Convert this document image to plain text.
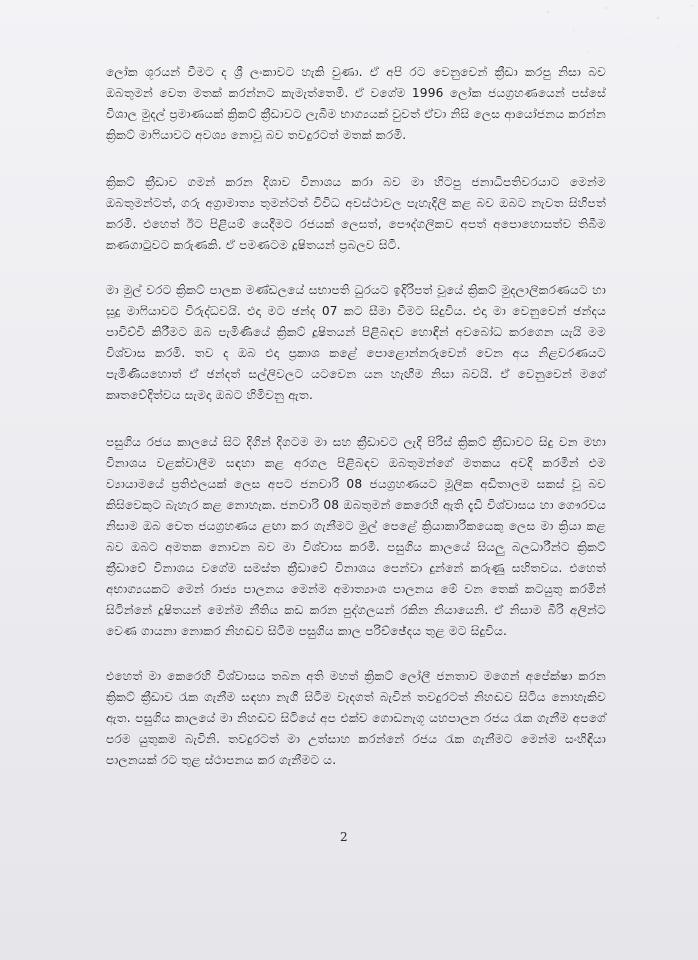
ලෝක ශූරයන් වීමට ද ශ්‍රී ලංකාවට හැකි වුණා. ඒ අපි රට වෙනුවෙන් ක්‍රීඩා කරපු නිසා බව ඔබතුමන් වෙත මතක් කරන්නට කැමැත්තෙමි. ඒ වගේම 1996 ලෝක ජයග්‍රහණයෙන් පස්සේ විශාල මුදල් ප්‍රමාණයක් ක්‍රිකට් ක්‍රීඩාවට ලැබීම භාග්‍යයක් වුවත් ඒවා නිසි ලෙස ආයෝජනය කරන්න ක්‍රිකට් මාෆියාවට අවශ්‍ය නොවූ බව තවදුරටත් මතක් කරමි.

ක්‍රිකට් ක්‍රීඩාව ගමන් කරන දිශාව විනාශය කරා බව මා හිටපු ජනාධිපතිවරයාට මෙන්ම ඔබතුමන්ටත්, ගරු අග්‍රාමාත්‍ය තුමන්ටත් විවිධ අවස්ථාවල පැහැදිලි කළ බව ඔබට නැවත සිහිපත් කරමි. එහෙත් ඊට පිළියම් යෙදීමට රජයක් ලෙසත්, පෞද්ගලිකව අපත් අපොහොසත්ව තිබීම කණගාටුවට කරුණකි. ඒ පමණටම දූෂිතයන් ප්‍රබලව සිටී.

මා මුල් වරට ක්‍රිකට් පාලක මණ්ඩලයේ සභාපති ධුරයට ඉදිරිපත් වූයේ ක්‍රිකට් මුදලාලිකරණයට හා සූදු මාෆියාවට විරුද්ධවයි. එදා මට ඡන්ද 07 කට සීමා වීමට සිදුවිය. එදා මා වෙනුවෙන් ඡන්දය පාවිච්චි කිරීමට ඔබ පැමිණියේ ක්‍රිකට් දූෂිතයන් පිළිබඳව හොඳින් අවබෝධ කරගෙන යැයි මම විශ්වාස කරමි. තව ද ඔබ එදා ප්‍රකාශ කළේ පොළොන්නරුවෙන් වෙන අය නිළවරණයට පැමිණියහොත් ඒ ඡන්දත් සල්ලිවලට යටවෙන යන හැඟීම නිසා බවයි. ඒ වෙනුවෙන් මගේ කෘතවේදිත්වය සැමදා ඔබට හිමිවනු ඇත.

පසුගිය රජය කාලයේ සිට දිගින් දිගටම මා සහ ක්‍රීඩාවට ලැදි පිරිස් ක්‍රිකට් ක්‍රීඩාවට සිදු වන මහා විනාශය වළක්වාලීම සඳහා කළ අරගල පිළිබඳව ඔබතුමන්ගේ මතකය අවදි කරමින් එම ව්‍යායාමයේ ප්‍රතිඵලයක් ලෙස අපට ජනවාරි 08 ජයග්‍රහණයට මූලික අඩිතාලම සකස් වූ බව කිසිවෙකුට බැහැර කළ නොහැක. ජනවාරි 08 ඔබතුමන් කෙරෙහි ඇති දැඩි විශ්වාසය හා ගෞරවය නිසාම ඔබ වෙත ජයග්‍රහණය ළඟා කර ගැනීමට මුල් පෙළේ ක්‍රියාකාරිකයෙකු ලෙස මා ක්‍රියා කළ බව ඔබට අමතක නොවන බව මා විශ්වාස කරමි. පසුගිය කාලයේ සියලු බලධාරීන්ට ක්‍රිකට් ක්‍රීඩාවේ විනාශය වගේම සමස්ත ක්‍රීඩාවේ විනාශය පෙන්වා දුන්නේ කරුණු සහිතවය. එහෙත් අභාග්‍යයකට මෙන් රාජ්‍ය පාලනය මෙන්ම අමාත්‍යාංශ පාලනය මේ වන තෙක් කටයුතු කරමින් සිටින්නේ දූෂිතයන් මෙන්ම නීතිය කඩ කරන පුද්ගලයන් රකින නියායෙනි. ඒ නිසාම බීරි අලින්ට වෙණ ගායනා නොකර නිහඬව සිටීම පසුගිය කාල පරිච්ඡේදය තුළ මට සිදුවිය.

එහෙත් මා කෙරෙහි විශ්වාසය තබන අති මහත් ක්‍රිකට් ලෝලී ජනතාව මගෙන් අපේක්ෂා කරන ක්‍රිකට් ක්‍රීඩාව රැක ගැනීම සඳහා නැගී සිටීම වැදගත් බැවින් තවදුරටත් නිහඬව සිටිය නොහැකිව ඇත. පසුගිය කාලයේ මා නිහඬව සිටියේ අප එක්ව ගොඩනැගූ යහපාලන රජය රැක ගැනීම අපගේ පරම යුතුකම බැවිනි. තවදුරටත් මා උත්සාහ කරන්නේ රජය රැක ගැනීමට මෙන්ම සංහිඳියා පාලනයක් රට තුළ ස්ථාපනය කර ගැනීමට ය.

2
